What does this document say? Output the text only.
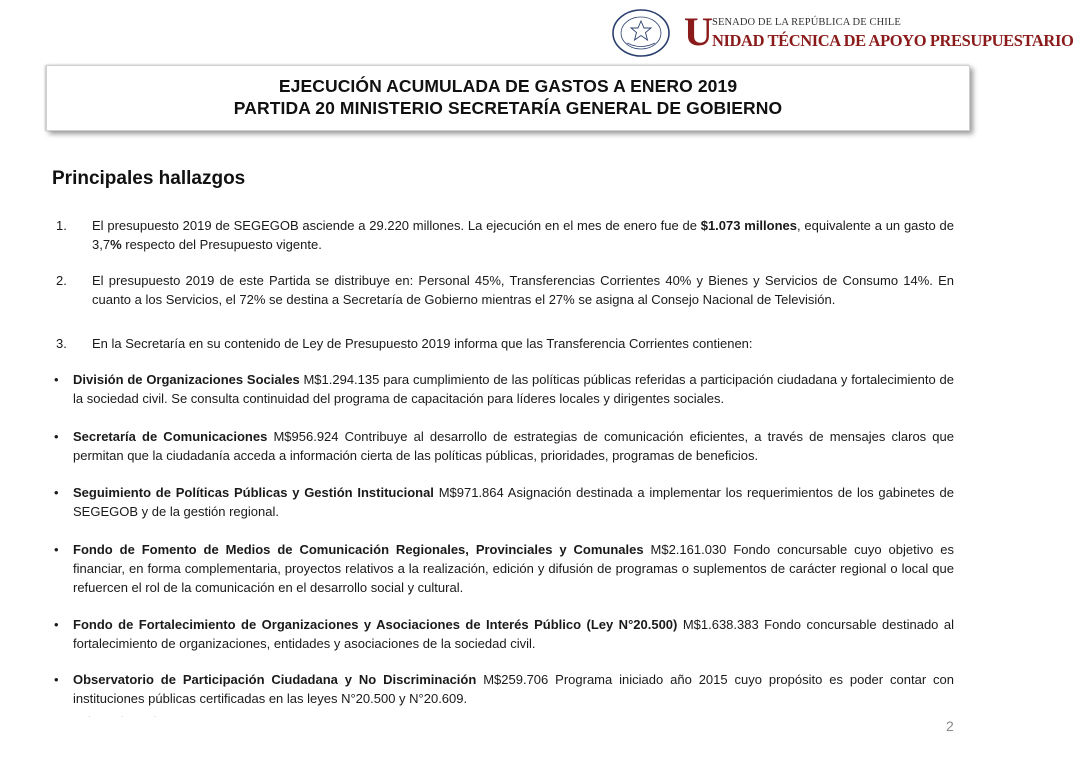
U SENADO DE LA REPÚBLICA DE CHILE
NIDAD TÉCNICA DE APOYO PRESUPUESTARIO
EJECUCIÓN ACUMULADA DE GASTOS A ENERO 2019
PARTIDA 20 MINISTERIO SECRETARÍA GENERAL DE GOBIERNO
Principales hallazgos
1. El presupuesto 2019 de SEGEGOB asciende a 29.220 millones. La ejecución en el mes de enero fue de $1.073 millones, equivalente a un gasto de 3,7% respecto del Presupuesto vigente.
2. El presupuesto 2019 de este Partida se distribuye en: Personal 45%, Transferencias Corrientes 40% y Bienes y Servicios de Consumo 14%. En cuanto a los Servicios, el 72% se destina a Secretaría de Gobierno mientras el 27% se asigna al Consejo Nacional de Televisión.
3. En la Secretaría en su contenido de Ley de Presupuesto 2019 informa que las Transferencia Corrientes contienen:
• División de Organizaciones Sociales M$1.294.135 para cumplimiento de las políticas públicas referidas a participación ciudadana y fortalecimiento de la sociedad civil. Se consulta continuidad del programa de capacitación para líderes locales y dirigentes sociales.
• Secretaría de Comunicaciones M$956.924 Contribuye al desarrollo de estrategias de comunicación eficientes, a través de mensajes claros que permitan que la ciudadanía acceda a información cierta de las políticas públicas, prioridades, programas de beneficios.
• Seguimiento de Políticas Públicas y Gestión Institucional M$971.864 Asignación destinada a implementar los requerimientos de los gabinetes de SEGEGOB y de la gestión regional.
• Fondo de Fomento de Medios de Comunicación Regionales, Provinciales y Comunales M$2.161.030 Fondo concursable cuyo objetivo es financiar, en forma complementaria, proyectos relativos a la realización, edición y difusión de programas o suplementos de carácter regional o local que refuercen el rol de la comunicación en el desarrollo social y cultural.
• Fondo de Fortalecimiento de Organizaciones y Asociaciones de Interés Público (Ley N°20.500) M$1.638.383 Fondo concursable destinado al fortalecimiento de organizaciones, entidades y asociaciones de la sociedad civil.
• Observatorio de Participación Ciudadana y No Discriminación M$259.706 Programa iniciado año 2015 cuyo propósito es poder contar con instituciones públicas certificadas en las leyes N°20.500 y N°20.609.
· · ·
2
